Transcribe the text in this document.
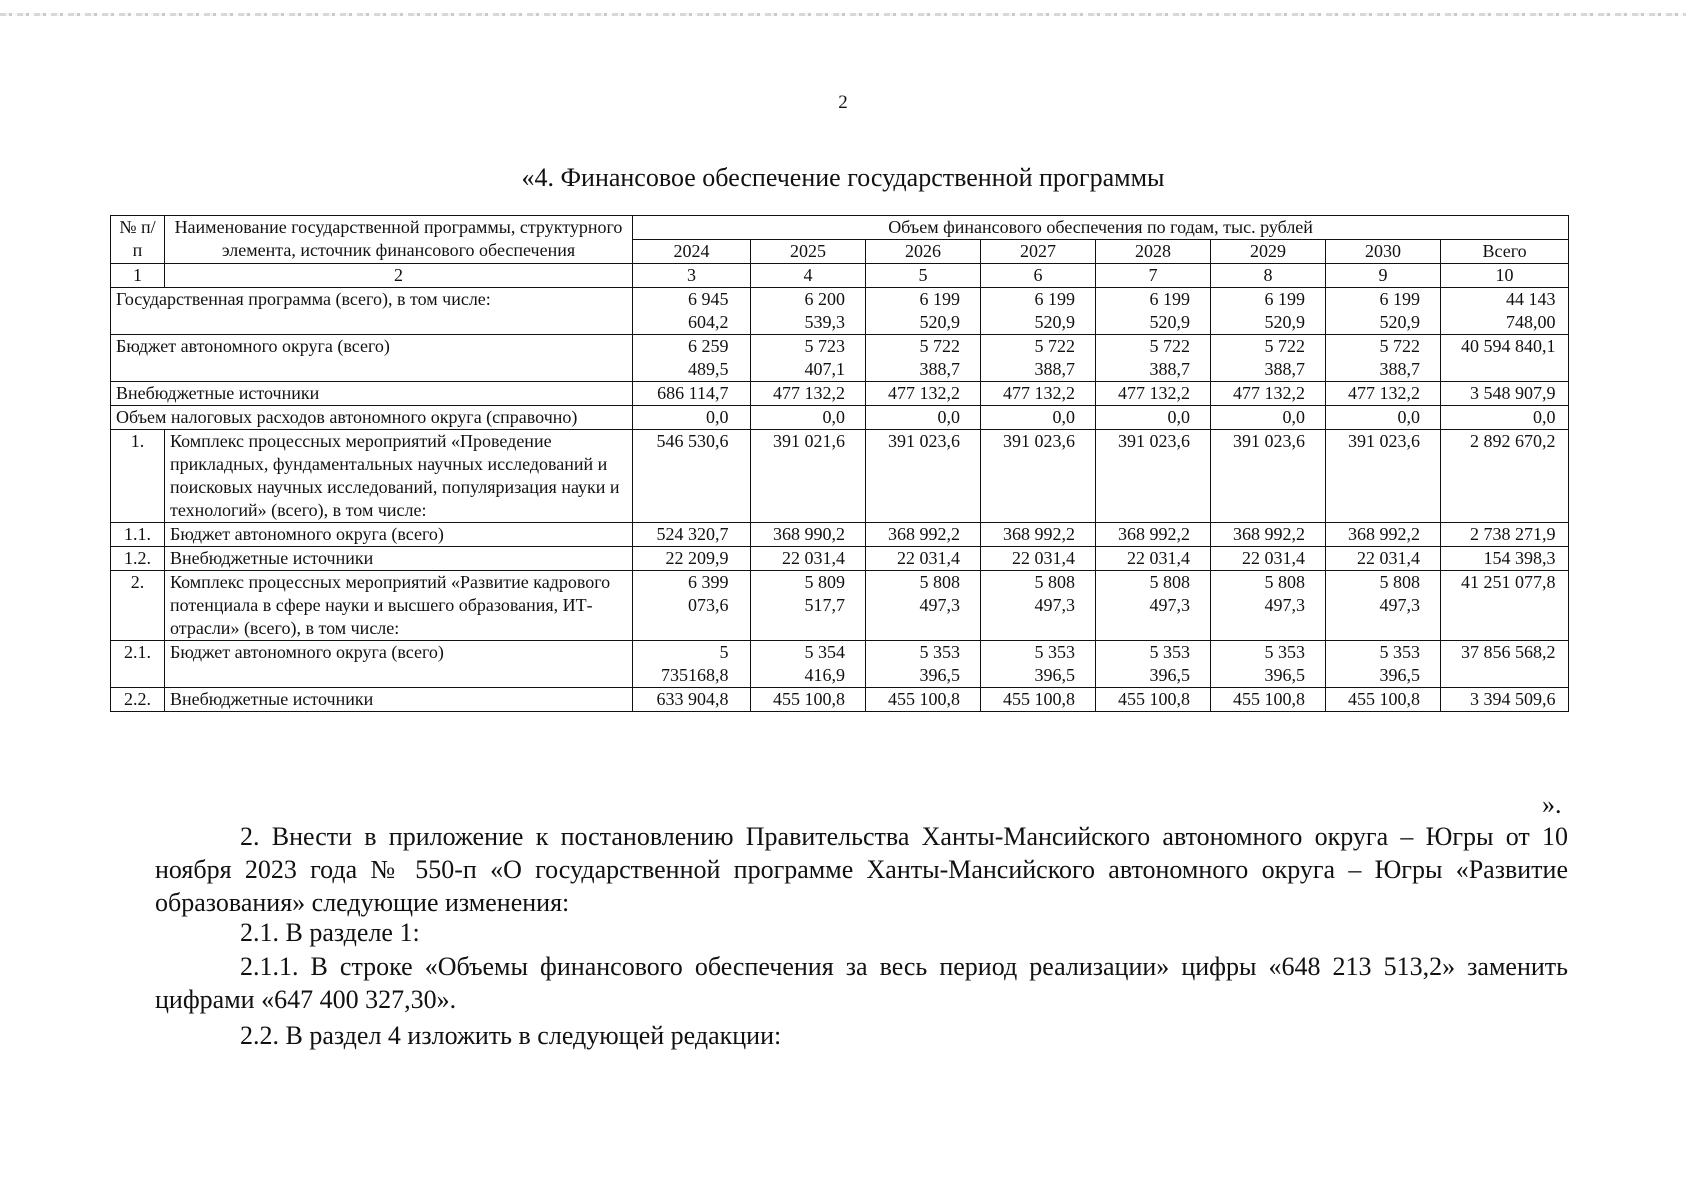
2
«4. Финансовое обеспечение государственной программы
№ п/п	Наименование государственной программы, структурного элемента, источник финансового обеспечения	Объем финансового обеспечения по годам, тыс. рублей							
		2024	2025	2026	2027	2028	2029	2030	Всего
1	2	3	4	5	6	7	8	9	10
Государственная программа (всего), в том числе:		6 945 604,2	6 200 539,3	6 199 520,9	6 199 520,9	6 199 520,9	6 199 520,9	6 199 520,9	44 143 748,00
Бюджет автономного округа (всего)		6 259 489,5	5 723 407,1	5 722 388,7	5 722 388,7	5 722 388,7	5 722 388,7	5 722 388,7	40 594 840,1
Внебюджетные источники		686 114,7	477 132,2	477 132,2	477 132,2	477 132,2	477 132,2	477 132,2	3 548 907,9
Объем налоговых расходов автономного округа (справочно)		0,0	0,0	0,0	0,0	0,0	0,0	0,0	0,0
1.	Комплекс процессных мероприятий «Проведение прикладных, фундаментальных научных исследований и поисковых научных исследований, популяризация науки и технологий» (всего), в том числе:	546 530,6	391 021,6	391 023,6	391 023,6	391 023,6	391 023,6	391 023,6	2 892 670,2
1.1.	Бюджет автономного округа (всего)	524 320,7	368 990,2	368 992,2	368 992,2	368 992,2	368 992,2	368 992,2	2 738 271,9
1.2.	Внебюджетные источники	22 209,9	22 031,4	22 031,4	22 031,4	22 031,4	22 031,4	22 031,4	154 398,3
2.	Комплекс процессных мероприятий «Развитие кадрового потенциала в сфере науки и высшего образования, ИТ-отрасли» (всего), в том числе:	6 399 073,6	5 809 517,7	5 808 497,3	5 808 497,3	5 808 497,3	5 808 497,3	5 808 497,3	41 251 077,8
2.1.	Бюджет автономного округа (всего)	5 735168,8	5 354 416,9	5 353 396,5	5 353 396,5	5 353 396,5	5 353 396,5	5 353 396,5	37 856 568,2
2.2.	Внебюджетные источники	633 904,8	455 100,8	455 100,8	455 100,8	455 100,8	455 100,8	455 100,8	3 394 509,6
».
2. Внести в приложение к постановлению Правительства Ханты-Мансийского автономного округа – Югры от 10 ноября 2023 года № 550-п «О государственной программе Ханты-Мансийского автономного округа – Югры «Развитие образования» следующие изменения:
2.1. В разделе 1:
2.1.1. В строке «Объемы финансового обеспечения за весь период реализации» цифры «648 213 513,2» заменить цифрами «647 400 327,30».
2.2. В раздел 4 изложить в следующей редакции:
